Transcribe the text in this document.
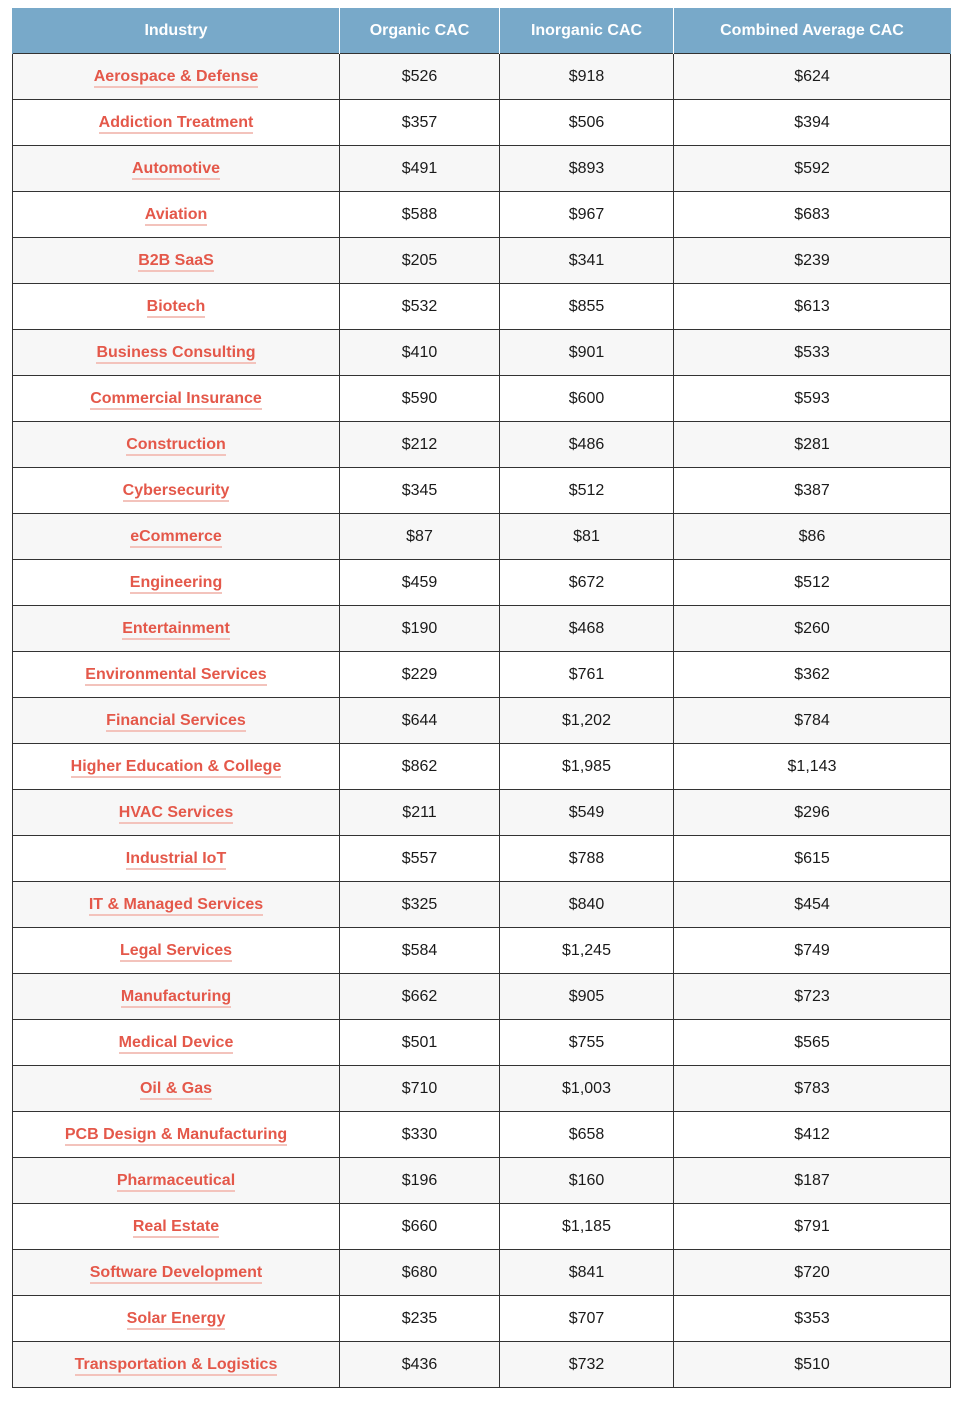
Industry	Organic CAC	Inorganic CAC	Combined Average CAC
Aerospace & Defense	$526	$918	$624
Addiction Treatment	$357	$506	$394
Automotive	$491	$893	$592
Aviation	$588	$967	$683
B2B SaaS	$205	$341	$239
Biotech	$532	$855	$613
Business Consulting	$410	$901	$533
Commercial Insurance	$590	$600	$593
Construction	$212	$486	$281
Cybersecurity	$345	$512	$387
eCommerce	$87	$81	$86
Engineering	$459	$672	$512
Entertainment	$190	$468	$260
Environmental Services	$229	$761	$362
Financial Services	$644	$1,202	$784
Higher Education & College	$862	$1,985	$1,143
HVAC Services	$211	$549	$296
Industrial IoT	$557	$788	$615
IT & Managed Services	$325	$840	$454
Legal Services	$584	$1,245	$749
Manufacturing	$662	$905	$723
Medical Device	$501	$755	$565
Oil & Gas	$710	$1,003	$783
PCB Design & Manufacturing	$330	$658	$412
Pharmaceutical	$196	$160	$187
Real Estate	$660	$1,185	$791
Software Development	$680	$841	$720
Solar Energy	$235	$707	$353
Transportation & Logistics	$436	$732	$510
